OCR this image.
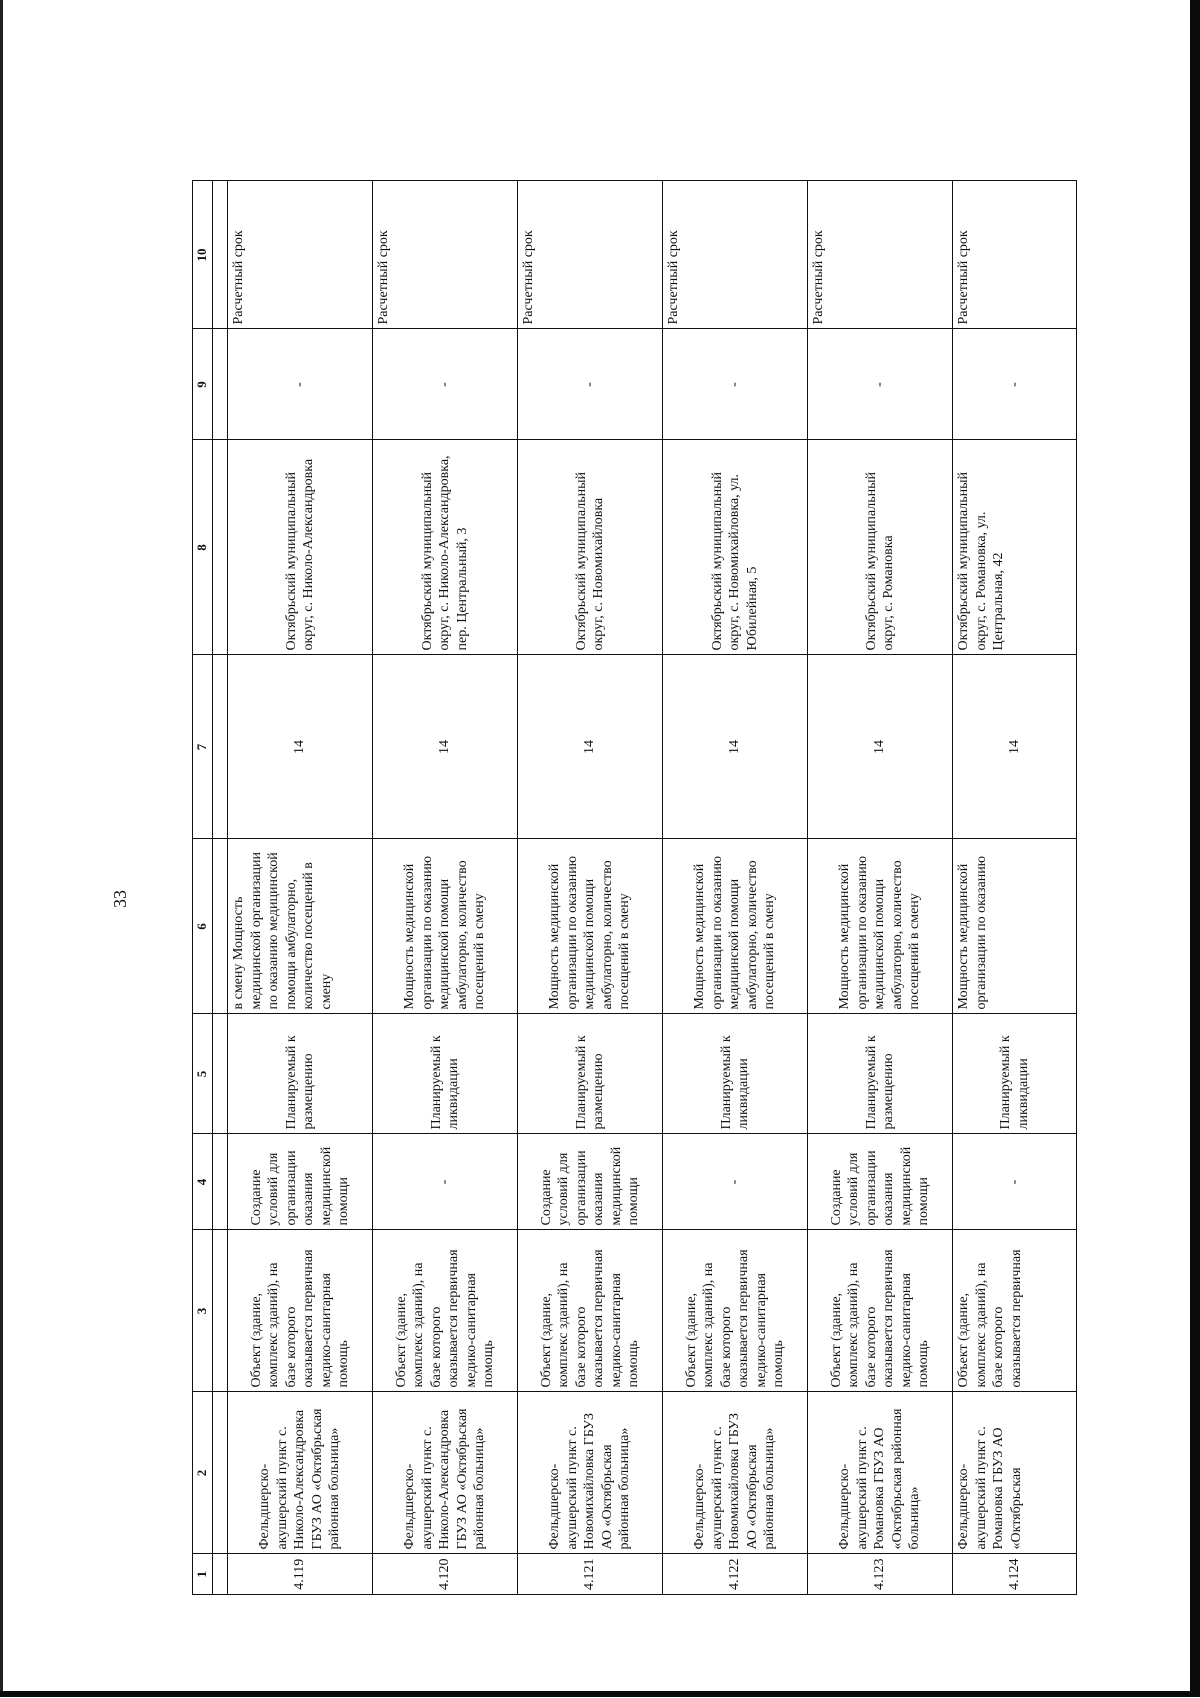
33
1	2	3	4	5	6	7	8	9	10

4.119	Фельдшерско-акушерский пункт с. Николо-Александровка ГБУЗ АО «Октябрьская районная больница»	Объект (здание, комплекс зданий), на базе которого оказывается первичная медико-санитарная помощь	Создание условий для организации оказания медицинской помощи	Планируемый к размещению	в смену Мощность медицинской организации по оказанию медицинской помощи амбулаторно, количество посещений в смену	14	Октябрьский муниципальный округ, с. Николо-Александровка	-	Расчетный срок
4.120	Фельдшерско-акушерский пункт с. Николо-Александровка ГБУЗ АО «Октябрьская районная больница»	Объект (здание, комплекс зданий), на базе которого оказывается первичная медико-санитарная помощь	-	Планируемый к ликвидации	Мощность медицинской организации по оказанию медицинской помощи амбулаторно, количество посещений в смену	14	Октябрьский муниципальный округ, с. Николо-Александровка, пер. Центральный, 3	-	Расчетный срок
4.121	Фельдшерско-акушерский пункт с. Новомихайловка ГБУЗ АО «Октябрьская районная больница»	Объект (здание, комплекс зданий), на базе которого оказывается первичная медико-санитарная помощь	Создание условий для организации оказания медицинской помощи	Планируемый к размещению	Мощность медицинской организации по оказанию медицинской помощи амбулаторно, количество посещений в смену	14	Октябрьский муниципальный округ, с. Новомихайловка	-	Расчетный срок
4.122	Фельдшерско-акушерский пункт с. Новомихайловка ГБУЗ АО «Октябрьская районная больница»	Объект (здание, комплекс зданий), на базе которого оказывается первичная медико-санитарная помощь	-	Планируемый к ликвидации	Мощность медицинской организации по оказанию медицинской помощи амбулаторно, количество посещений в смену	14	Октябрьский муниципальный округ, с. Новомихайловка, ул. Юбилейная, 5	-	Расчетный срок
4.123	Фельдшерско-акушерский пункт с. Романовка ГБУЗ АО «Октябрьская районная больница»	Объект (здание, комплекс зданий), на базе которого оказывается первичная медико-санитарная помощь	Создание условий для организации оказания медицинской помощи	Планируемый к размещению	Мощность медицинской организации по оказанию медицинской помощи амбулаторно, количество посещений в смену	14	Октябрьский муниципальный округ, с. Романовка	-	Расчетный срок
4.124	Фельдшерско-акушерский пункт с. Романовка ГБУЗ АО «Октябрьская	Объект (здание, комплекс зданий), на базе которого оказывается первичная	-	Планируемый к ликвидации	Мощность медицинской организации по оказанию	14	Октябрьский муниципальный округ, с. Романовка, ул. Центральная, 42	-	Расчетный срок
